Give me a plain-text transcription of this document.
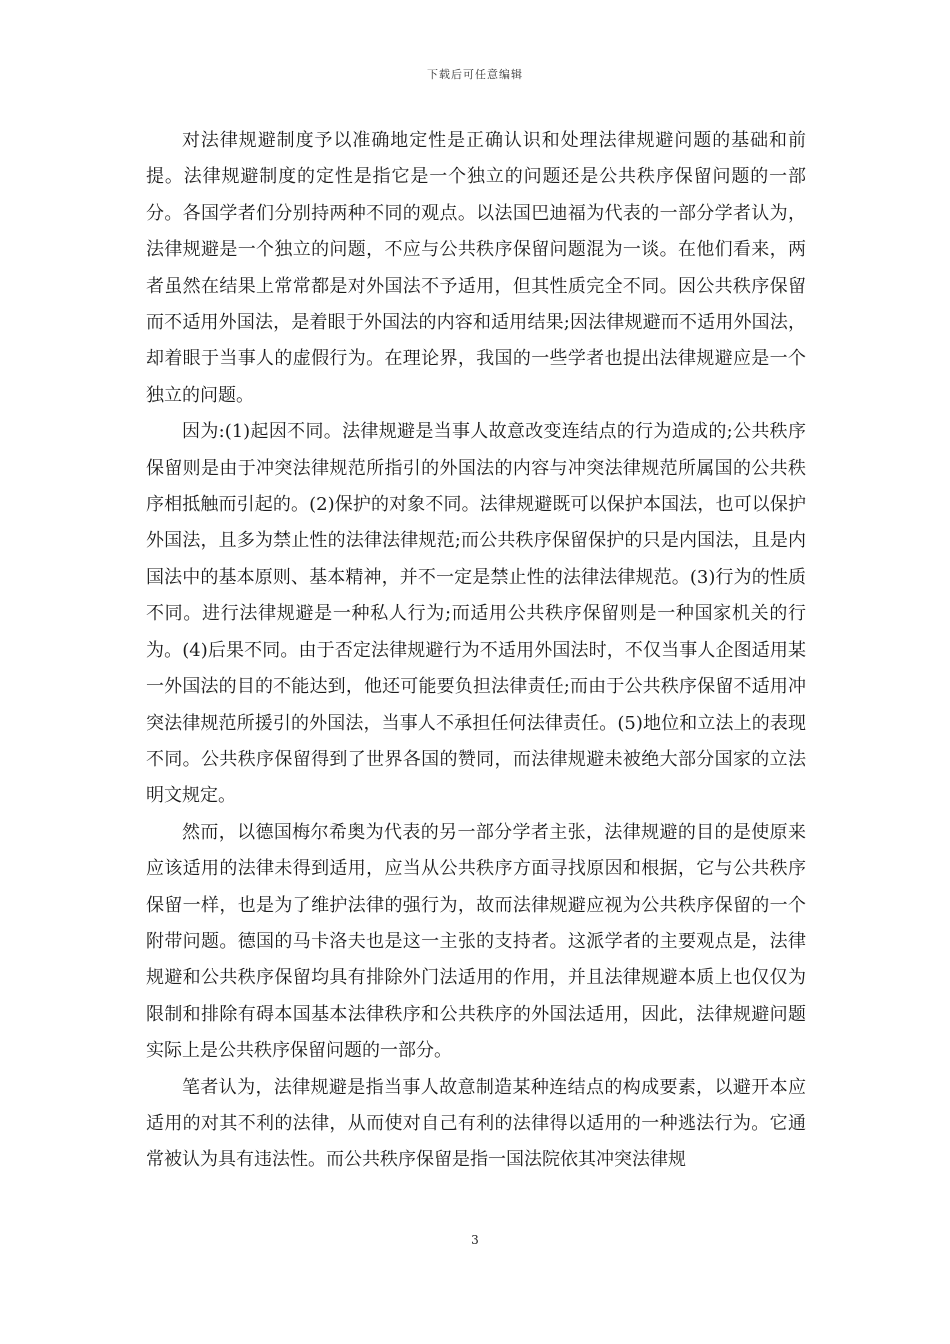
下载后可任意编辑

对法律规避制度予以准确地定性是正确认识和处理法律规避问题的基础和前提。法律规避制度的定性是指它是一个独立的问题还是公共秩序保留问题的一部分。各国学者们分别持两种不同的观点。以法国巴迪福为代表的一部分学者认为，法律规避是一个独立的问题，不应与公共秩序保留问题混为一谈。在他们看来，两者虽然在结果上常常都是对外国法不予适用，但其性质完全不同。因公共秩序保留而不适用外国法，是着眼于外国法的内容和适用结果;因法律规避而不适用外国法，却着眼于当事人的虚假行为。在理论界，我国的一些学者也提出法律规避应是一个独立的问题。

因为:(1)起因不同。法律规避是当事人故意改变连结点的行为造成的;公共秩序保留则是由于冲突法律规范所指引的外国法的内容与冲突法律规范所属国的公共秩序相抵触而引起的。(2)保护的对象不同。法律规避既可以保护本国法，也可以保护外国法，且多为禁止性的法律法律规范;而公共秩序保留保护的只是内国法，且是内国法中的基本原则、基本精神，并不一定是禁止性的法律法律规范。(3)行为的性质不同。进行法律规避是一种私人行为;而适用公共秩序保留则是一种国家机关的行为。(4)后果不同。由于否定法律规避行为不适用外国法时，不仅当事人企图适用某一外国法的目的不能达到，他还可能要负担法律责任;而由于公共秩序保留不适用冲突法律规范所援引的外国法，当事人不承担任何法律责任。(5)地位和立法上的表现不同。公共秩序保留得到了世界各国的赞同，而法律规避未被绝大部分国家的立法明文规定。

然而，以德国梅尔希奥为代表的另一部分学者主张，法律规避的目的是使原来应该适用的法律未得到适用，应当从公共秩序方面寻找原因和根据，它与公共秩序保留一样，也是为了维护法律的强行为，故而法律规避应视为公共秩序保留的一个附带问题。德国的马卡洛夫也是这一主张的支持者。这派学者的主要观点是，法律规避和公共秩序保留均具有排除外门法适用的作用，并且法律规避本质上也仅仅为限制和排除有碍本国基本法律秩序和公共秩序的外国法适用，因此，法律规避问题实际上是公共秩序保留问题的一部分。

笔者认为，法律规避是指当事人故意制造某种连结点的构成要素，以避开本应适用的对其不利的法律，从而使对自己有利的法律得以适用的一种逃法行为。它通常被认为具有违法性。而公共秩序保留是指一国法院依其冲突法律规

3
